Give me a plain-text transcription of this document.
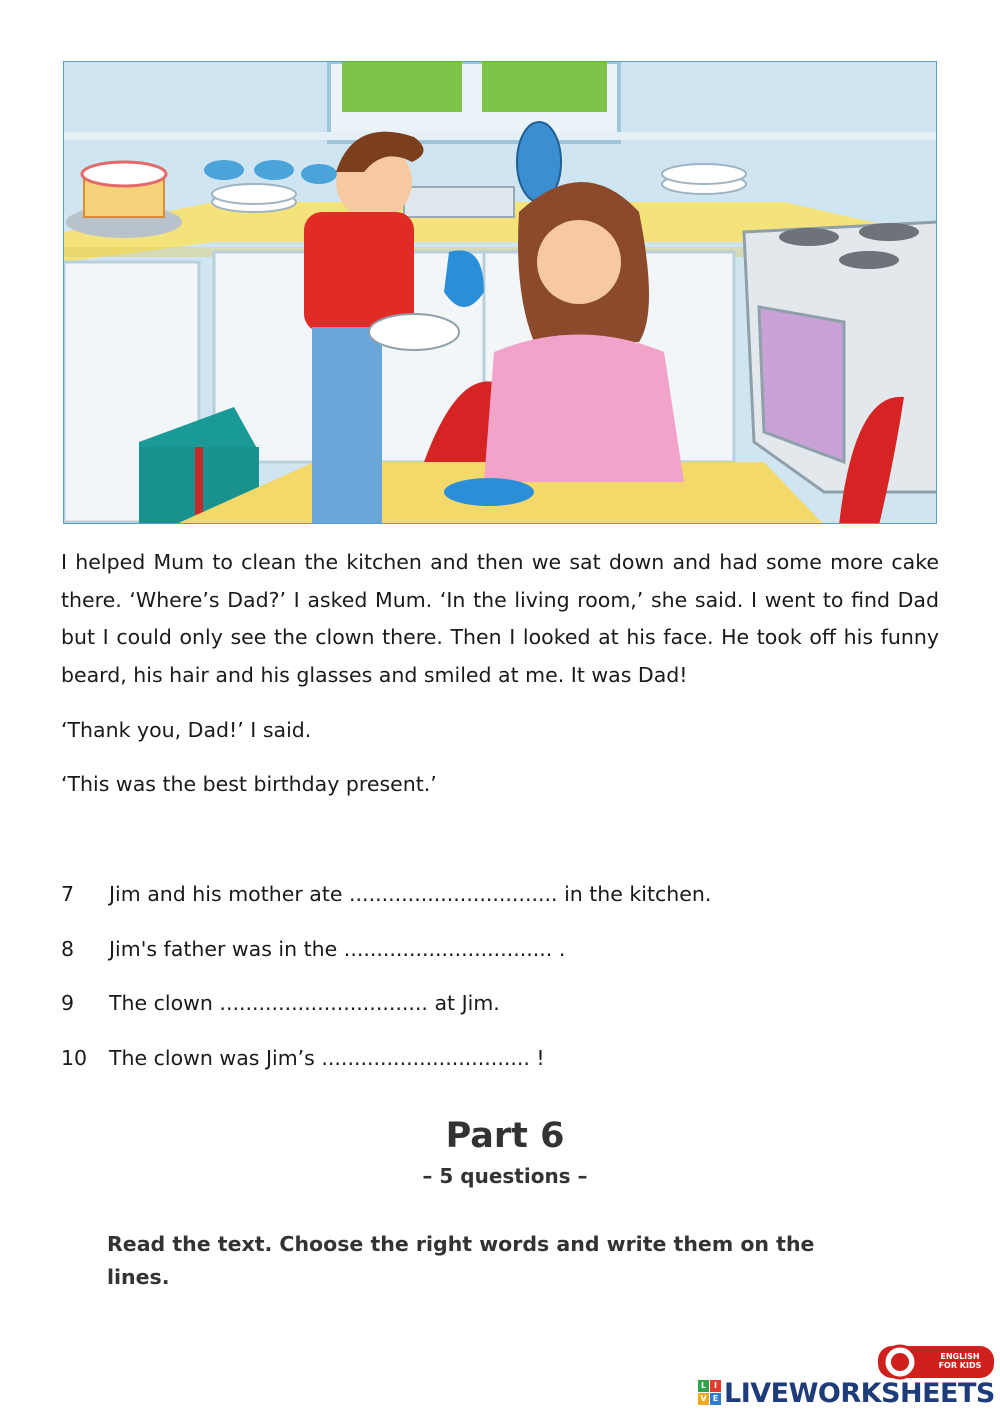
I helped Mum to clean the kitchen and then we sat down and had some more cake there. ‘Where’s Dad?’ I asked Mum. ‘In the living room,’ she said. I went to find Dad but I could only see the clown there. Then I looked at his face. He took off his funny beard, his hair and his glasses and smiled at me. It was Dad!

‘Thank you, Dad!’ I said.

‘This was the best birthday present.’

7 Jim and his mother ate ................................ in the kitchen.
8 Jim's father was in the ................................ .
9 The clown ................................ at Jim.
10 The clown was Jim’s ................................ !
Part 6
– 5 questions –
Read the text. Choose the right words and write them on the lines.
L I
V E LIVEWORKSHEETS
ENGLISH FOR KIDS
